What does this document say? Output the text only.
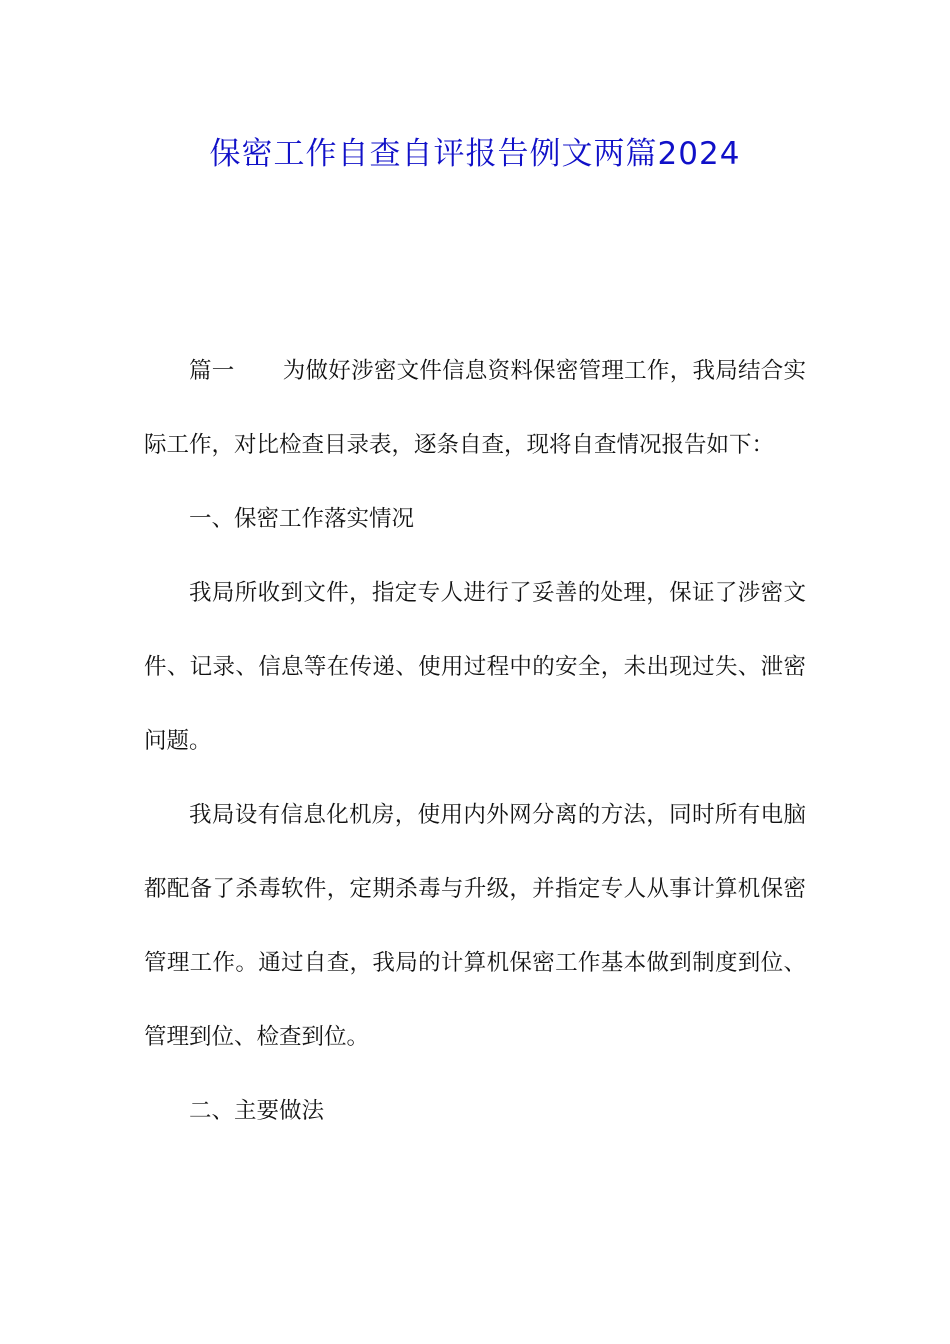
保密工作自查自评报告例文两篇2024

篇一 为做好涉密文件信息资料保密管理工作，我局结合实际工作，对比检查目录表，逐条自查，现将自查情况报告如下：

一、保密工作落实情况

我局所收到文件，指定专人进行了妥善的处理，保证了涉密文件、记录、信息等在传递、使用过程中的安全，未出现过失、泄密问题。

我局设有信息化机房，使用内外网分离的方法，同时所有电脑都配备了杀毒软件，定期杀毒与升级，并指定专人从事计算机保密管理工作。通过自查，我局的计算机保密工作基本做到制度到位、管理到位、检查到位。

二、主要做法
